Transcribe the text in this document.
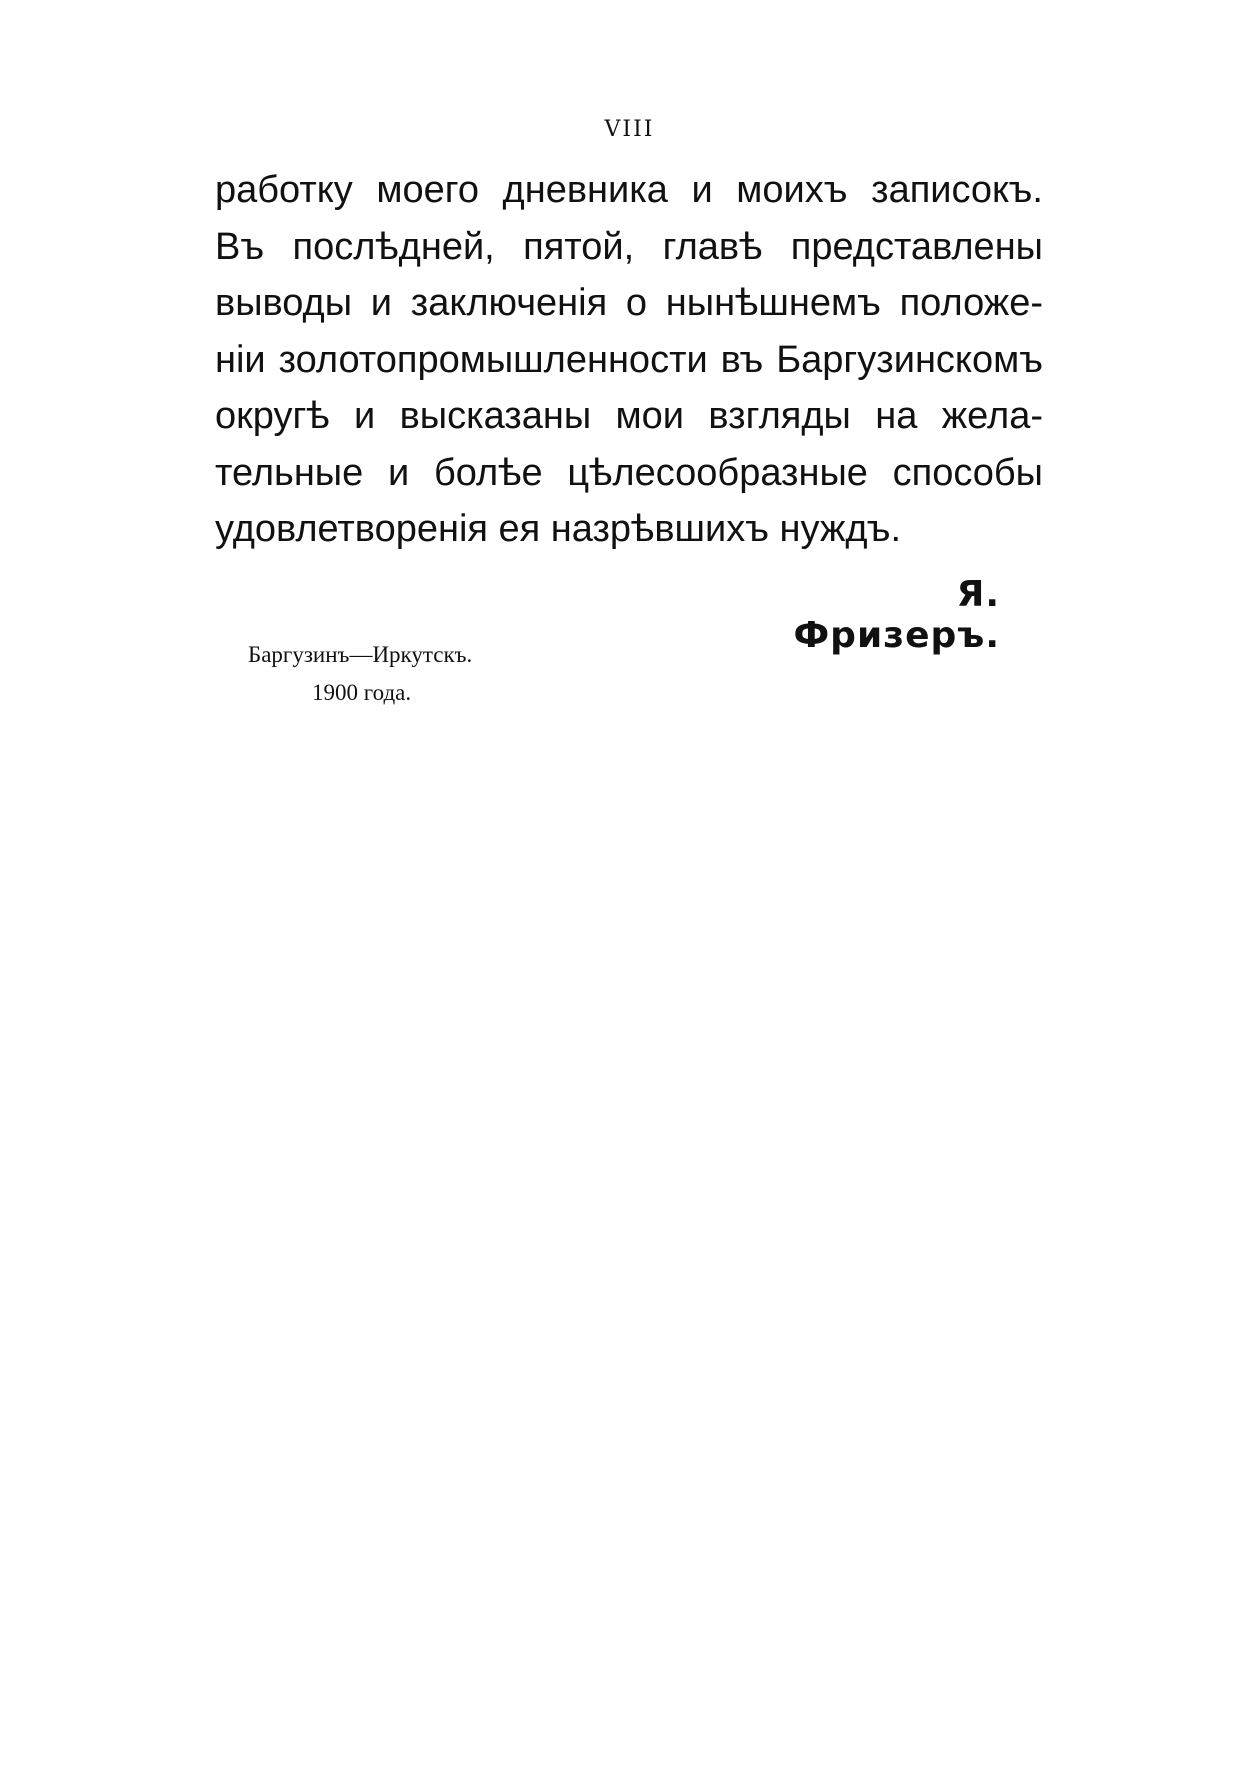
VIII
работку моего дневника и моихъ записокъ.
Въ послѣдней, пятой, главѣ представлены
выводы и заключенія о нынѣшнемъ положе-
ніи золотопромышленности въ Баргузинскомъ
округѣ и высказаны мои взгляды на жела-
тельные и болѣе цѣлесообразные способы
удовлетворенія ея назрѣвшихъ нуждъ.
Я. Фризеръ.
Баргузинъ—Иркутскъ.
1900 года.
